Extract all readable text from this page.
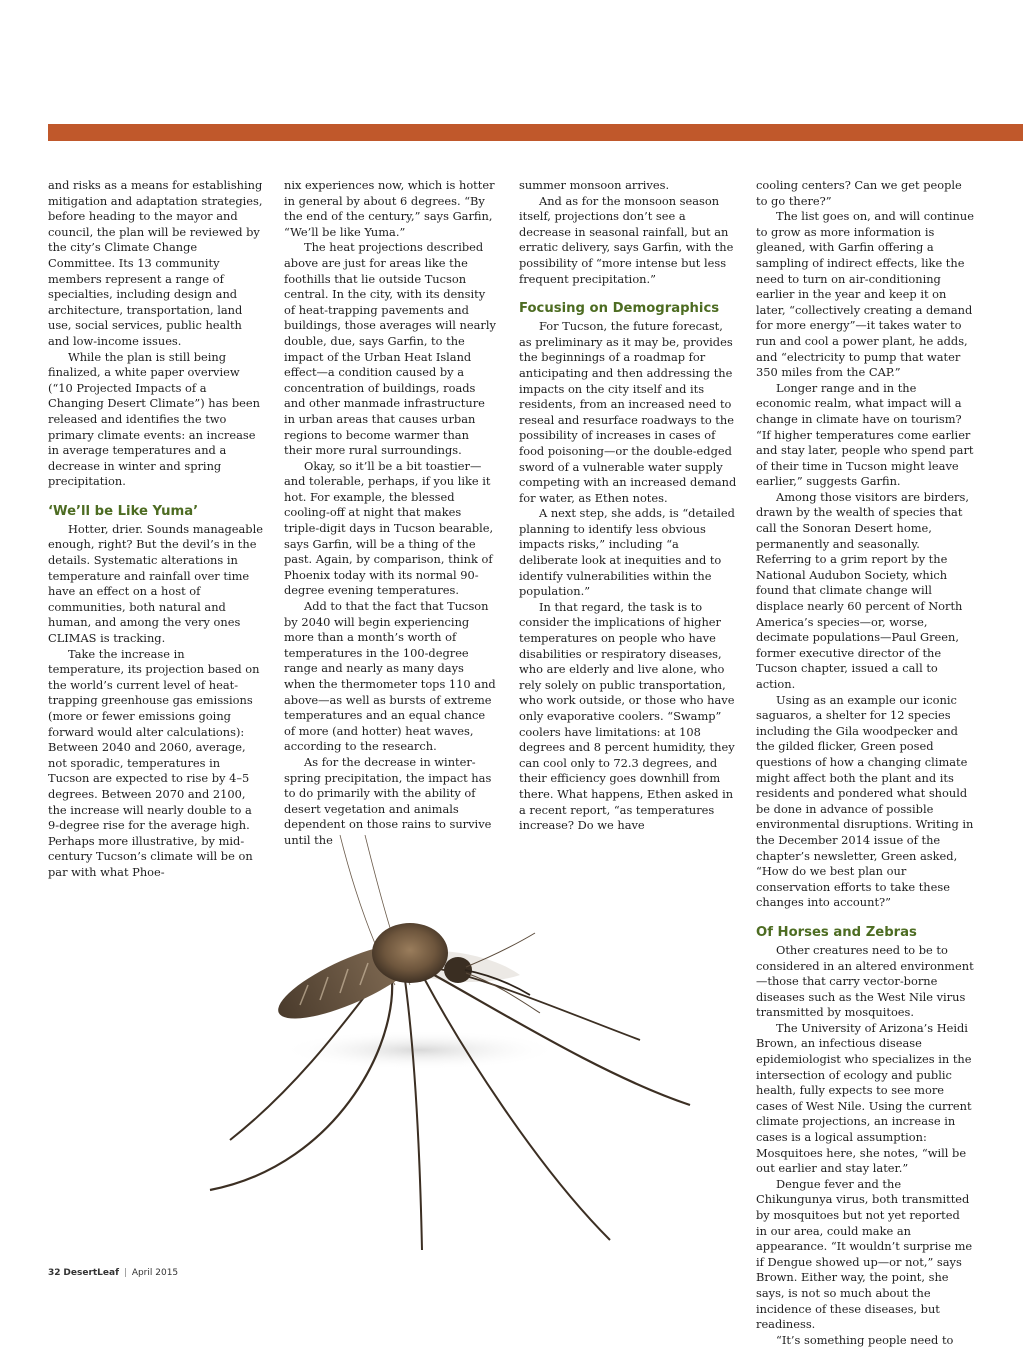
and risks as a means for establishing mitigation and adaptation strategies, before heading to the mayor and council, the plan will be reviewed by the city’s Climate Change Committee. Its 13 community members represent a range of specialties, including design and architecture, transportation, land use, social services, public health and low-income issues.

While the plan is still being finalized, a white paper overview (“10 Projected Impacts of a Changing Desert Climate”) has been released and identifies the two primary climate events: an increase in average temperatures and a decrease in winter and spring precipitation.

‘We’ll be Like Yuma’

Hotter, drier. Sounds manageable enough, right? But the devil’s in the details. Systematic alterations in temperature and rainfall over time have an effect on a host of communities, both natural and human, and among the very ones CLIMAS is tracking.

Take the increase in temperature, its projection based on the world’s current level of heat-trapping greenhouse gas emissions (more or fewer emissions going forward would alter calculations): Between 2040 and 2060, average, not sporadic, temperatures in Tucson are expected to rise by 4–5 degrees. Between 2070 and 2100, the increase will nearly double to a 9-degree rise for the average high. Perhaps more illustrative, by mid-century Tucson’s climate will be on par with what Phoe-

nix experiences now, which is hotter in general by about 6 degrees. “By the end of the century,” says Garfin, “We’ll be like Yuma.”

The heat projections described above are just for areas like the foothills that lie outside Tucson central. In the city, with its density of heat-trapping pavements and buildings, those averages will nearly double, due, says Garfin, to the impact of the Urban Heat Island effect—a condition caused by a concentration of buildings, roads and other manmade infrastructure in urban areas that causes urban regions to become warmer than their more rural surroundings.

Okay, so it’ll be a bit toastier—and tolerable, perhaps, if you like it hot. For example, the blessed cooling-off at night that makes triple-digit days in Tucson bearable, says Garfin, will be a thing of the past. Again, by comparison, think of Phoenix today with its normal 90-degree evening temperatures.

Add to that the fact that Tucson by 2040 will begin experiencing more than a month’s worth of temperatures in the 100-degree range and nearly as many days when the thermometer tops 110 and above—as well as bursts of extreme temperatures and an equal chance of more (and hotter) heat waves, according to the research.

As for the decrease in winter-spring precipitation, the impact has to do primarily with the ability of desert vegetation and animals dependent on those rains to survive until the

summer monsoon arrives.

And as for the monsoon season itself, projections don’t see a decrease in seasonal rainfall, but an erratic delivery, says Garfin, with the possibility of “more intense but less frequent precipitation.”

Focusing on Demographics

For Tucson, the future forecast, as preliminary as it may be, provides the beginnings of a roadmap for anticipating and then addressing the impacts on the city itself and its residents, from an increased need to reseal and resurface roadways to the possibility of increases in cases of food poisoning—or the double-edged sword of a vulnerable water supply competing with an increased demand for water, as Ethen notes.

A next step, she adds, is “detailed planning to identify less obvious impacts risks,” including “a deliberate look at inequities and to identify vulnerabilities within the population.”

In that regard, the task is to consider the implications of higher temperatures on people who have disabilities or respiratory diseases, who are elderly and live alone, who rely solely on public transportation, who work outside, or those who have only evaporative coolers. “Swamp” coolers have limitations: at 108 degrees and 8 percent humidity, they can cool only to 72.3 degrees, and their efficiency goes downhill from there. What happens, Ethen asked in a recent report, “as temperatures increase? Do we have

cooling centers? Can we get people to go there?”

The list goes on, and will continue to grow as more information is gleaned, with Garfin offering a sampling of indirect effects, like the need to turn on air-conditioning earlier in the year and keep it on later, “collectively creating a demand for more energy”—it takes water to run and cool a power plant, he adds, and “electricity to pump that water 350 miles from the CAP.”

Longer range and in the economic realm, what impact will a change in climate have on tourism? “If higher temperatures come earlier and stay later, people who spend part of their time in Tucson might leave earlier,” suggests Garfin.

Among those visitors are birders, drawn by the wealth of species that call the Sonoran Desert home, permanently and seasonally. Referring to a grim report by the National Audubon Society, which found that climate change will displace nearly 60 percent of North America’s species—or, worse, decimate populations—Paul Green, former executive director of the Tucson chapter, issued a call to action.

Using as an example our iconic saguaros, a shelter for 12 species including the Gila woodpecker and the gilded flicker, Green posed questions of how a changing climate might affect both the plant and its residents and pondered what should be done in advance of possible environmental disruptions. Writing in the December 2014 issue of the chapter’s newsletter, Green asked, “How do we best plan our conservation efforts to take these changes into account?”

Of Horses and Zebras

Other creatures need to be to considered in an altered environment—those that carry vector-borne diseases such as the West Nile virus transmitted by mosquitoes.

The University of Arizona’s Heidi Brown, an infectious disease epidemiologist who specializes in the intersection of ecology and public health, fully expects to see more cases of West Nile. Using the current climate projections, an increase in cases is a logical assumption: Mosquitoes here, she notes, “will be out earlier and stay later.”

Dengue fever and the Chikungunya virus, both transmitted by mosquitoes but not yet reported in our area, could make an appearance. “It wouldn’t surprise me if Dengue showed up—or not,” says Brown. Either way, the point, she says, is not so much about the incidence of these diseases, but readiness.

“It’s something people need to

32 DesertLeaf | April 2015
